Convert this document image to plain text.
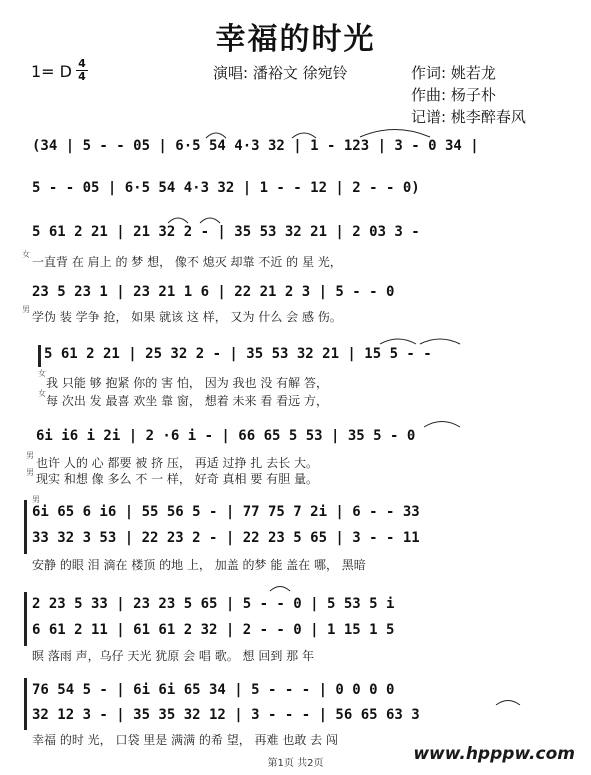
幸福的时光
1= D 4
4	演唱: 潘裕文 徐宛铃	作词: 姚若龙
作曲: 杨子朴
记谱: 桃李醉春风
(34 | 5 - - 05 | 6·5 54 4·3 32 | 1 - 123 | 3 - 0 34 |
5 - - 05 | 6·5 54 4·3 32 | 1 - - 12 | 2 - - 0)
5 61 2 21 | 21 32 2 - | 35 53 32 21 | 2 03 3 -
女
一直背 在 肩上 的 梦 想， 像不 熄灭 却靠 不近 的 星 光，
23 5 23 1 | 23 21 1 6 | 22 21 2 3 | 5 - - 0
男
学伪 装 学争 抢， 如果 就该 这 样， 又为 什么 会 感 伤。
5 61 2 21 | 25 32 2 - | 35 53 32 21 | 15 5 - -
女
我 只能 够 抱紧 你的 害 怕， 因为 我也 没 有解 答，
女
每 次出 发 最喜 欢坐 靠 窗， 想着 未来 看 看远 方，
6i i6 i 2i | 2 ·6 i - | 66 65 5 53 | 35 5 - 0
男
也许 人的 心 都要 被 挤 压， 再适 过挣 扎 去长 大。
男 现实 和想 像 多么 不 一 样， 好奇 真相 要 有胆 量。
男
6i 65 6 i6 | 55 56 5 - | 77 75 7 2i | 6 - - 33
33 32 3 53 | 22 23 2 - | 22 23 5 65 | 3 - - 11
安静 的眼 泪 滴在 楼顶 的地 上， 加盖 的梦 能 盖在 哪， 黑暗
2 23 5 33 | 23 23 5 65 | 5 - - 0 | 5 53 5 i
6 61 2 11 | 61 61 2 32 | 2 - - 0 | 1 15 1 5
暝 落雨 声，乌仔 天光 犹原 会 唱 歌。 想 回到 那 年
76 54 5 - | 6i 6i 65 34 | 5 - - - | 0 0 0 0
32 12 3 - | 35 35 32 12 | 3 - - - | 56 65 63 3
幸福 的时 光， 口袋 里是 满满 的希 望， 再难 也敢 去 闯
第1页 共2页	www.hpppw.com
